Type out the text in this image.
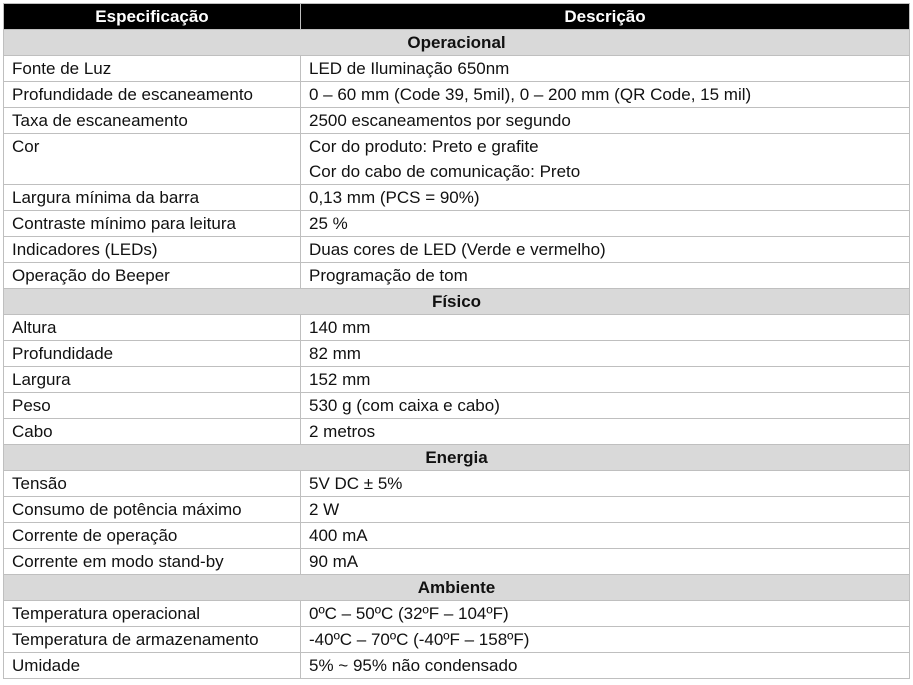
Especificação	Descrição
Operacional	
Fonte de Luz	LED de Iluminação 650nm

Profundidade de escaneamento	0 – 60 mm (Code 39, 5mil), 0 – 200 mm (QR Code, 15 mil)

Taxa de escaneamento	2500 escaneamentos por segundo

Cor	Cor do produto: Preto e grafite
Cor do cabo de comunicação: Preto

Largura mínima da barra	0,13 mm (PCS = 90%)

Contraste mínimo para leitura	25 %

Indicadores (LEDs)	Duas cores de LED (Verde e vermelho)

Operação do Beeper	Programação de tom

Físico	
Altura	140 mm

Profundidade	82 mm

Largura	152 mm

Peso	530 g (com caixa e cabo)

Cabo	2 metros

Energia	
Tensão	5V DC ± 5%

Consumo de potência máximo	2 W

Corrente de operação	400 mA

Corrente em modo stand-by	90 mA

Ambiente	
Temperatura operacional	0ºC – 50ºC (32ºF – 104ºF)

Temperatura de armazenamento	-40ºC – 70ºC (-40ºF – 158ºF)

Umidade	5% ~ 95% não condensado
